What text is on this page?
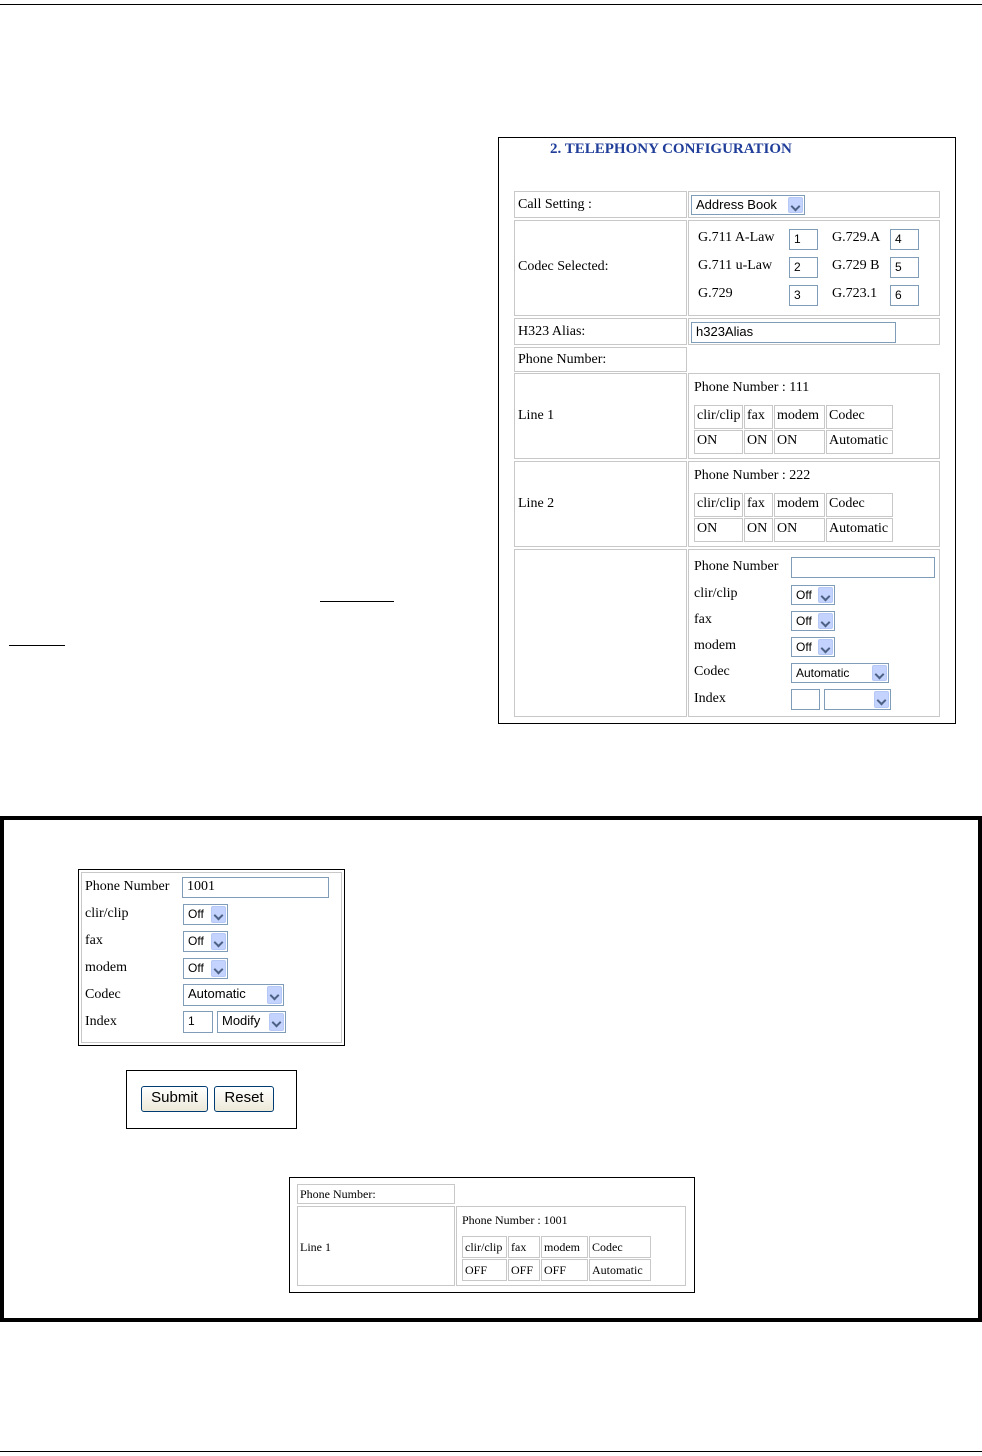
2. TELEPHONY CONFIGURATION
Call Setting :	Address Book
Codec Selected:
G.711 A-Law	1	G.729.A	4
G.711 u-Law	2	G.729 B	5
G.729	3	G.723.1	6
H323 Alias:	h323Alias
Phone Number:
Line 1
Phone Number : 111
clir/clip fax modem Codec
ON	ON ON	Automatic
Line 2
Phone Number : 222
clir/clip fax modem Codec
ON	ON ON	Automatic
Phone Number
clir/clip	Off
fax	Off
modem	Off
Codec	Automatic
Index
Phone Number	1001
clir/clip	Off
fax	Off
modem	Off
Codec	Automatic
Index	1	Modify
Submit	Reset
Phone Number:
Line 1
Phone Number : 1001
clir/clip fax	modem	Codec
OFF	OFF OFF	Automatic
